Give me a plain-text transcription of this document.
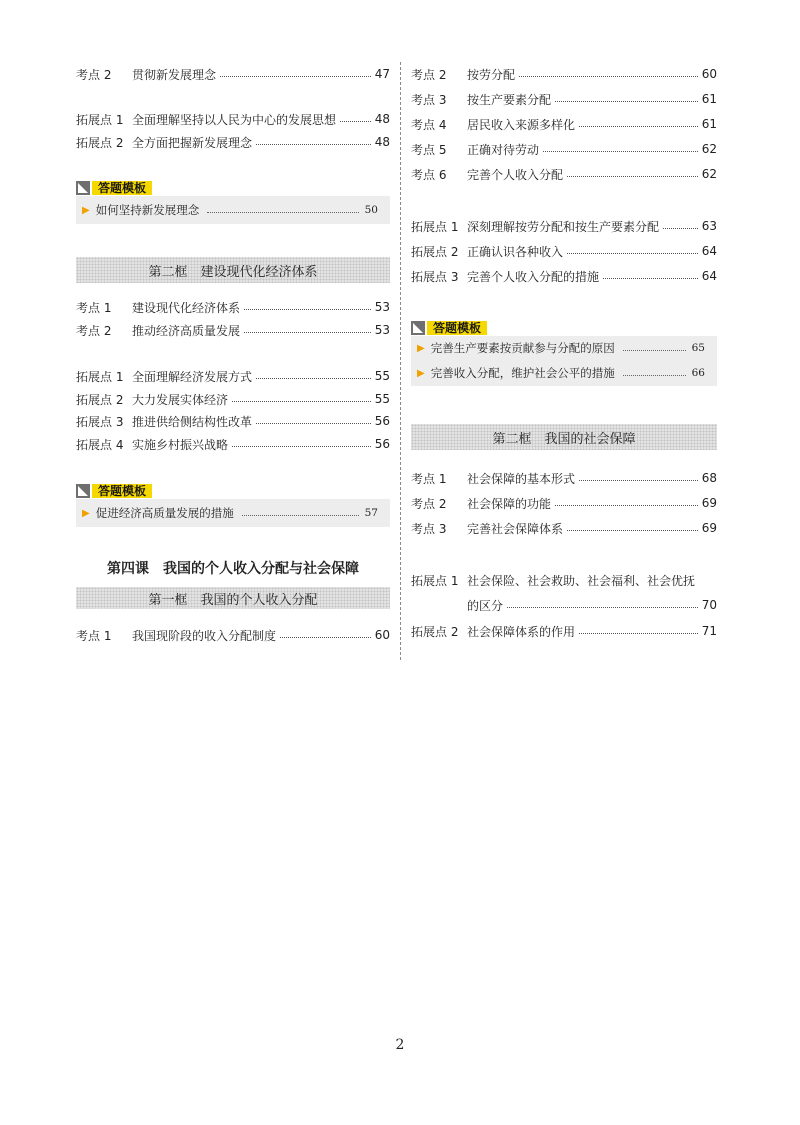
考点 2	贯彻新发展理念	47
拓展点 1 全面理解坚持以人民为中心的发展思想	48
拓展点 2 全方面把握新发展理念	48
答题模板
▶ 如何坚持新发展理念	50
第二框　建设现代化经济体系
考点 1	建设现代化经济体系	53
考点 2	推动经济高质量发展	53
拓展点 1 全面理解经济发展方式	55
拓展点 2 大力发展实体经济	55
拓展点 3 推进供给侧结构性改革	56
拓展点 4 实施乡村振兴战略	56
答题模板
▶ 促进经济高质量发展的措施	57
第四课　我国的个人收入分配与社会保障
第一框　我国的个人收入分配
考点 1	我国现阶段的收入分配制度	60
考点 2	按劳分配	60
考点 3	按生产要素分配	61
考点 4	居民收入来源多样化	61
考点 5	正确对待劳动	62
考点 6	完善个人收入分配	62
拓展点 1 深刻理解按劳分配和按生产要素分配	63
拓展点 2 正确认识各种收入	64
拓展点 3 完善个人收入分配的措施	64
答题模板
▶ 完善生产要素按贡献参与分配的原因	65
▶ 完善收入分配，维护社会公平的措施	66
第二框　我国的社会保障
考点 1	社会保障的基本形式	68
考点 2	社会保障的功能	69
考点 3	完善社会保障体系	69
拓展点 1 社会保险、社会救助、社会福利、社会优抚
的区分	70
拓展点 2 社会保障体系的作用	71
2
